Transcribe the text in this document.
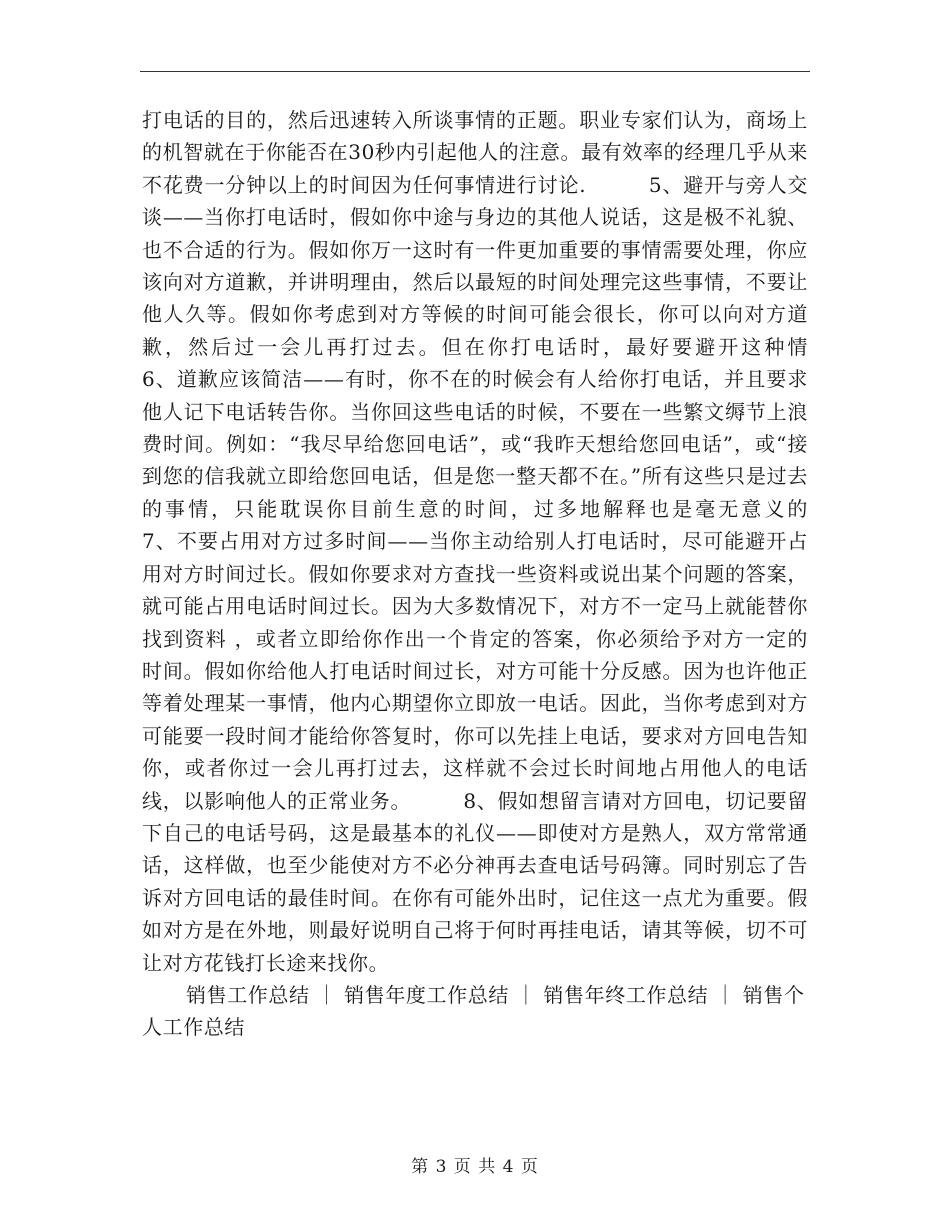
打电话的目的，然后迅速转入所谈事情的正题。职业专家们认为，商场上的机智就在于你能否在30秒内引起他人的注意。最有效率的经理几乎从来不花费一分钟以上的时间因为任何事情进行讨论.　　　5、避开与旁人交谈——当你打电话时，假如你中途与身边的其他人说话，这是极不礼貌、也不合适的行为。假如你万一这时有一件更加重要的事情需要处理，你应该向对方道歉，并讲明理由，然后以最短的时间处理完这些事情，不要让他人久等。假如你考虑到对方等候的时间可能会很长，你可以向对方道歉，然后过一会儿再打过去。但在你打电话时，最好要避开这种情　　　6、道歉应该简洁——有时，你不在的时候会有人给你打电话，并且要求他人记下电话转告你。当你回这些电话的时候，不要在一些繁文缛节上浪费时间。例如：“我尽早给您回电话”，或“我昨天想给您回电话”，或“接到您的信我就立即给您回电话，但是您一整天都不在。”所有这些只是过去的事情，只能耽误你目前生意的时间，过多地解释也是毫无意义的　　　7、不要占用对方过多时间——当你主动给别人打电话时，尽可能避开占用对方时间过长。假如你要求对方查找一些资料或说出某个问题的答案，就可能占用电话时间过长。因为大多数情况下，对方不一定马上就能替你找到资料 ，或者立即给你作出一个肯定的答案，你必须给予对方一定的时间。假如你给他人打电话时间过长，对方可能十分反感。因为也许他正等着处理某一事情，他内心期望你立即放一电话。因此，当你考虑到对方可能要一段时间才能给你答复时，你可以先挂上电话，要求对方回电告知你，或者你过一会儿再打过去，这样就不会过长时间地占用他人的电话线，以影响他人的正常业务。　　　8、假如想留言请对方回电，切记要留下自己的电话号码，这是最基本的礼仪——即使对方是熟人，双方常常通话，这样做，也至少能使对方不必分神再去查电话号码簿。同时别忘了告诉对方回电话的最佳时间。在你有可能外出时，记住这一点尤为重要。假如对方是在外地，则最好说明自己将于何时再挂电话，请其等候，切不可让对方花钱打长途来找你。

销售工作总结 ｜ 销售年度工作总结 ｜ 销售年终工作总结 ｜ 销售个人工作总结

第 3 页 共 4 页
